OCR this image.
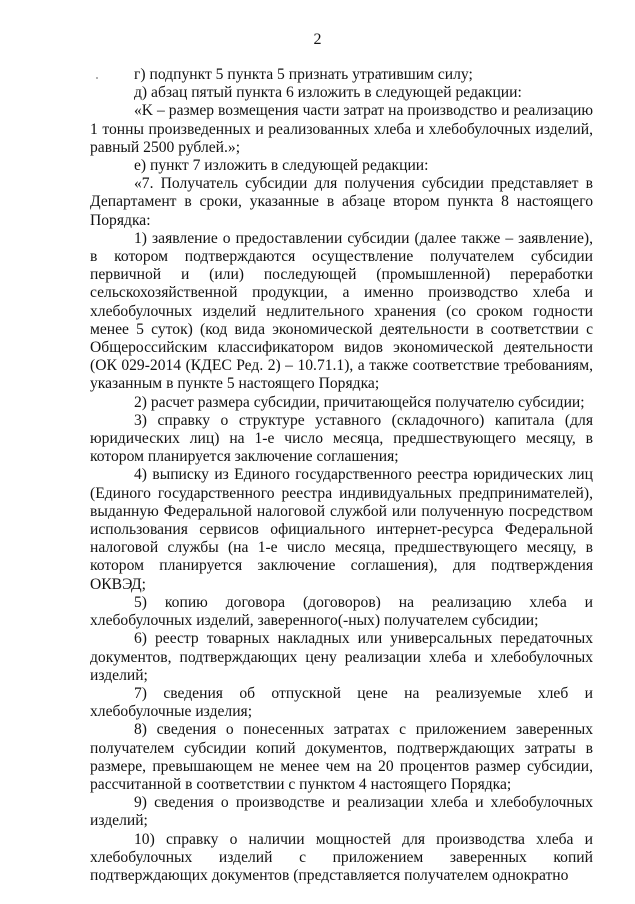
2

г) подпункт 5 пункта 5 признать утратившим силу;

д) абзац пятый пункта 6 изложить в следующей редакции:

«K – размер возмещения части затрат на производство и реализацию 1 тонны произведенных и реализованных хлеба и хлебобулочных изделий, равный 2500 рублей.»;

е) пункт 7 изложить в следующей редакции:

«7. Получатель субсидии для получения субсидии представляет в Департамент в сроки, указанные в абзаце втором пункта 8 настоящего Порядка:

1) заявление о предоставлении субсидии (далее также – заявление), в котором подтверждаются осуществление получателем субсидии первичной и (или) последующей (промышленной) переработки сельскохозяйственной продукции, а именно производство хлеба и хлебобулочных изделий недлительного хранения (со сроком годности менее 5 суток) (код вида экономической деятельности в соответствии с Общероссийским классификатором видов экономической деятельности (ОК 029-2014 (КДЕС Ред. 2) – 10.71.1), а также соответствие требованиям, указанным в пункте 5 настоящего Порядка;

2) расчет размера субсидии, причитающейся получателю субсидии;

3) справку о структуре уставного (складочного) капитала (для юридических лиц) на 1-е число месяца, предшествующего месяцу, в котором планируется заключение соглашения;

4) выписку из Единого государственного реестра юридических лиц (Единого государственного реестра индивидуальных предпринимателей), выданную Федеральной налоговой службой или полученную посредством использования сервисов официального интернет-ресурса Федеральной налоговой службы (на 1-е число месяца, предшествующего месяцу, в котором планируется заключение соглашения), для подтверждения ОКВЭД;

5) копию договора (договоров) на реализацию хлеба и хлебобулочных изделий, заверенного(-ных) получателем субсидии;

6) реестр товарных накладных или универсальных передаточных документов, подтверждающих цену реализации хлеба и хлебобулочных изделий;

7) сведения об отпускной цене на реализуемые хлеб и хлебобулочные изделия;

8) сведения о понесенных затратах с приложением заверенных получателем субсидии копий документов, подтверждающих затраты в размере, превышающем не менее чем на 20 процентов размер субсидии, рассчитанной в соответствии с пунктом 4 настоящего Порядка;

9) сведения о производстве и реализации хлеба и хлебобулочных изделий;

10) справку о наличии мощностей для производства хлеба и хлебобулочных изделий с приложением заверенных копий подтверждающих документов (представляется получателем однократно
